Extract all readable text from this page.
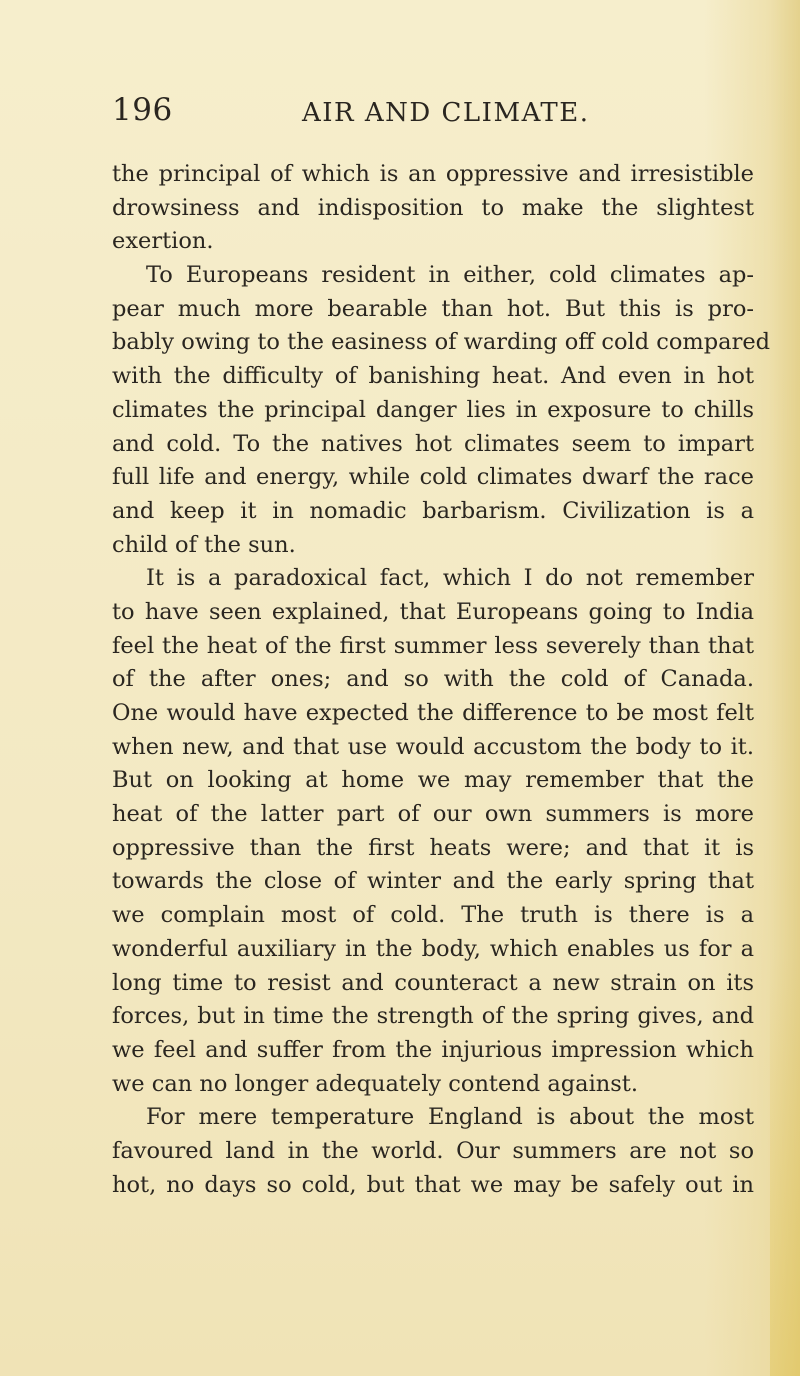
196	AIR AND CLIMATE.
the principal of which is an oppressive and irresistible
drowsiness and indisposition to make the slightest
exertion.
To Europeans resident in either, cold climates ap-
pear much more bearable than hot. But this is pro-
bably owing to the easiness of warding off cold compared
with the difficulty of banishing heat. And even in hot
climates the principal danger lies in exposure to chills
and cold. To the natives hot climates seem to impart
full life and energy, while cold climates dwarf the race
and keep it in nomadic barbarism. Civilization is a
child of the sun.
It is a paradoxical fact, which I do not remember
to have seen explained, that Europeans going to India
feel the heat of the first summer less severely than that
of the after ones; and so with the cold of Canada.
One would have expected the difference to be most felt
when new, and that use would accustom the body to it.
But on looking at home we may remember that the
heat of the latter part of our own summers is more
oppressive than the first heats were; and that it is
towards the close of winter and the early spring that
we complain most of cold. The truth is there is a
wonderful auxiliary in the body, which enables us for a
long time to resist and counteract a new strain on its
forces, but in time the strength of the spring gives, and
we feel and suffer from the injurious impression which
we can no longer adequately contend against.
For mere temperature England is about the most
favoured land in the world. Our summers are not so
hot, no days so cold, but that we may be safely out in
